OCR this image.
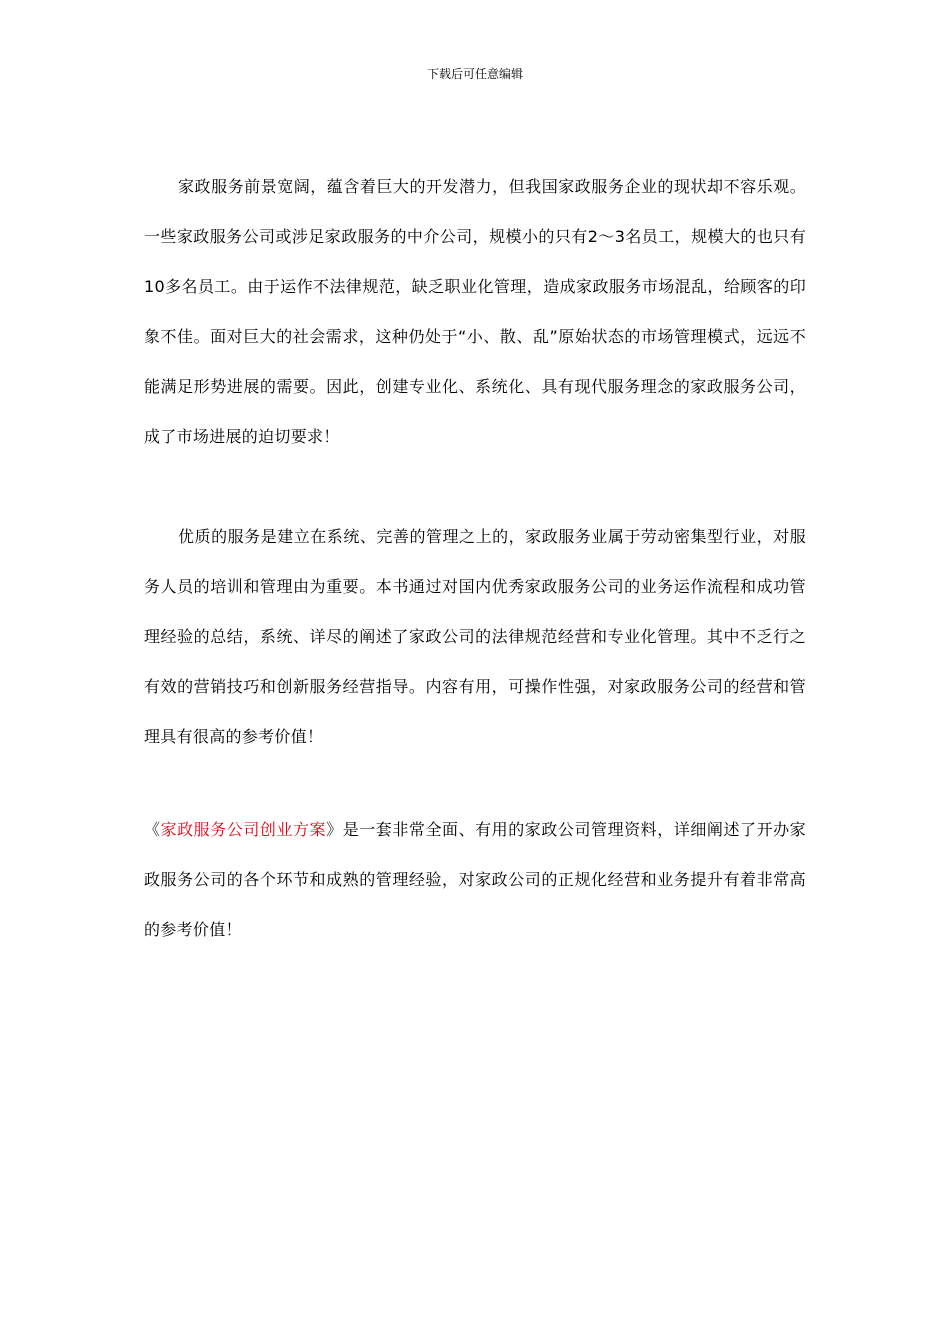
下载后可任意编辑

家政服务前景宽阔，蕴含着巨大的开发潜力，但我国家政服务企业的现状却不容乐观。一些家政服务公司或涉足家政服务的中介公司，规模小的只有2～3名员工，规模大的也只有10多名员工。由于运作不法律规范，缺乏职业化管理，造成家政服务市场混乱，给顾客的印象不佳。面对巨大的社会需求，这种仍处于“小、散、乱”原始状态的市场管理模式，远远不能满足形势进展的需要。因此，创建专业化、系统化、具有现代服务理念的家政服务公司，成了市场进展的迫切要求！

优质的服务是建立在系统、完善的管理之上的，家政服务业属于劳动密集型行业，对服务人员的培训和管理由为重要。本书通过对国内优秀家政服务公司的业务运作流程和成功管理经验的总结，系统、详尽的阐述了家政公司的法律规范经营和专业化管理。其中不乏行之有效的营销技巧和创新服务经营指导。内容有用，可操作性强，对家政服务公司的经营和管理具有很高的参考价值！

《家政服务公司创业方案》是一套非常全面、有用的家政公司管理资料，详细阐述了开办家政服务公司的各个环节和成熟的管理经验，对家政公司的正规化经营和业务提升有着非常高的参考价值！
